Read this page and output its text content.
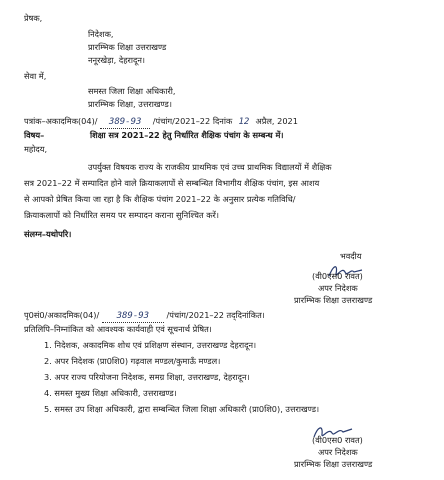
प्रेषक,
निदेशक,
प्रारम्भिक शिक्षा उत्तराखण्ड
ननूरखेड़ा, देहरादून।
सेवा में,
समस्त जिला शिक्षा अधिकारी,
प्रारम्भिक शिक्षा, उत्तराखण्ड।
पत्रांक–अकादमिक(04)/ 389-93 /पंचांग/2021–22 दिनांक 12 अप्रैल, 2021
विषय–	शिक्षा सत्र 2021–22 हेतु निर्धारित शैक्षिक पंचांग के सम्बन्ध में।
महोदय,
उपर्युक्त विषयक राज्य के राजकीय प्राथमिक एवं उच्च प्राथमिक विद्यालयों में शैक्षिक
सत्र 2021–22 में सम्पादित होने वाले क्रियाकलापों से सम्बन्धित विभागीय शैक्षिक पंचांग, इस आशय
से आपको प्रेषित किया जा रहा है कि शैक्षिक पंचांग 2021–22 के अनुसार प्रत्येक गतिविधि/
क्रियाकलापों को निर्धारित समय पर सम्पादन कराना सुनिश्चित करें।
संलग्न–यथोपरि।
भवदीय
(वी0एस0 रावत)
अपर निदेशक
प्रारम्भिक शिक्षा उत्तराखण्ड
पृ0सं0/अकादमिक(04)/ 389-93 /पंचांग/2021–22 तद्‌दिनांकित।
प्रतिलिपि–निम्नांकित को आवश्यक कार्यवाही एवं सूचनार्थ प्रेषित।
1. निदेशक, अकादमिक शोध एवं प्रशिक्षण संस्थान, उत्तराखण्ड देहरादून।
2. अपर निदेशक (प्रा0शि0) गढ़वाल मण्डल/कुमाऊँ मण्डल।
3. अपर राज्य परियोजना निदेशक, समग्र शिक्षा, उत्तराखण्ड, देहरादून।
4. समस्त मुख्य शिक्षा अधिकारी, उत्तराखण्ड।
5. समस्त उप शिक्षा अधिकारी, द्वारा सम्बन्धित जिला शिक्षा अधिकारी (प्रा0शि0), उत्तराखण्ड।
(वी0एस0 रावत)
अपर निदेशक
प्रारम्भिक शिक्षा उत्तराखण्ड
